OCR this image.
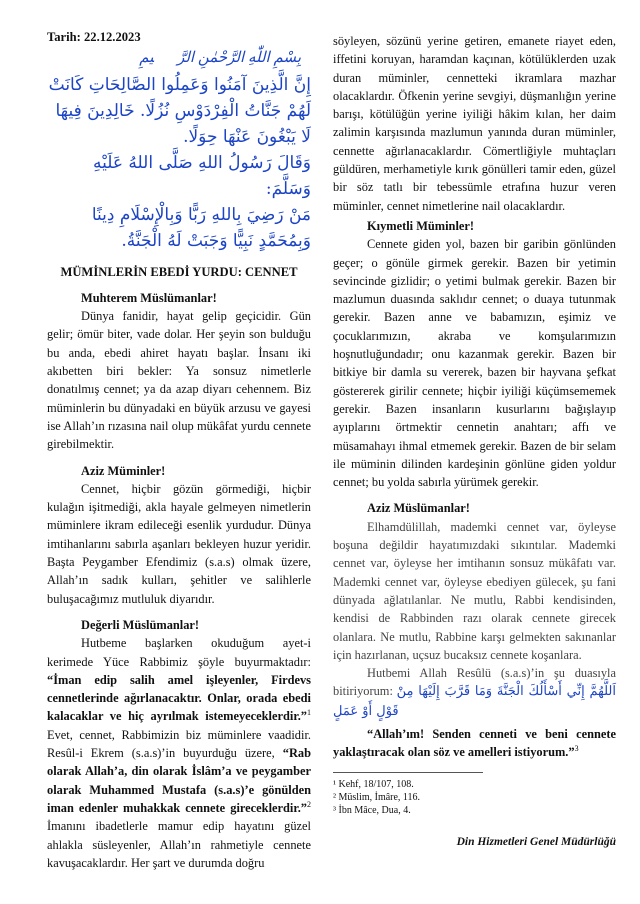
Tarih: 22.12.2023

بِسْمِ اللّٰهِ الرَّحْمٰنِ الرَّح۪يمِ

إِنَّ الَّذِينَ آمَنُوا وَعَمِلُوا الصَّالِحَاتِ كَانَتْ لَهُمْ جَنَّاتُ الْفِرْدَوْسِ نُزُلًا. خَالِدِينَ فِيهَا لَا يَبْغُونَ عَنْهَا حِوَلًا.

وَقَالَ رَسُولُ اللهِ صَلَّى اللهُ عَلَيْهِ وَسَلَّمَ:

مَنْ رَضِيَ بِاللهِ رَبًّا وَبِالْإِسْلَامِ دِينًا وَبِمُحَمَّدٍ نَبِيًّا وَجَبَتْ لَهُ الْجَنَّةُ.

MÜMİNLERİN EBEDİ YURDU: CENNET

Muhterem Müslümanlar!

Dünya fanidir, hayat gelip geçicidir. Gün gelir; ömür biter, vade dolar. Her şeyin son bulduğu bu anda, ebedi ahiret hayatı başlar. İnsanı iki akıbetten biri bekler: Ya sonsuz nimetlerle donatılmış cennet; ya da azap diyarı cehennem. Biz müminlerin bu dünyadaki en büyük arzusu ve gayesi ise Allah’ın rızasına nail olup mükâfat yurdu cennete girebilmektir.

Aziz Müminler!

Cennet, hiçbir gözün görmediği, hiçbir kulağın işitmediği, akla hayale gelmeyen nimetlerin müminlere ikram edileceği esenlik yurdudur. Dünya imtihanlarını sabırla aşanları bekleyen huzur yeridir. Başta Peygamber Efendimiz (s.a.s) olmak üzere, Allah’ın sadık kulları, şehitler ve salihlerle buluşacağımız mutluluk diyarıdır.

Değerli Müslümanlar!

Hutbeme başlarken okuduğum ayet-i kerimede Yüce Rabbimiz şöyle buyurmaktadır: “İman edip salih amel işleyenler, Firdevs cennetlerinde ağırlanacaktır. Onlar, orada ebedi kalacaklar ve hiç ayrılmak istemeyeceklerdir.”$^1$ Evet, cennet, Rabbimizin biz müminlere vaadidir. Resûl-i Ekrem (s.a.s)’in buyurduğu üzere, “Rab olarak Allah’a, din olarak İslâm’a ve peygamber olarak Muhammed Mustafa (s.a.s)’e gönülden iman edenler muhakkak cennete gireceklerdir.”$^2$ İmanını ibadetlerle mamur edip hayatını güzel ahlakla süsleyenler, Allah’ın rahmetiyle cennete kavuşacaklardır. Her şart ve durumda doğru

Kıymetli Müminler!

Cennete giden yol, bazen bir garibin gönlünden geçer; o gönüle girmek gerekir. Bazen bir yetimin sevincinde gizlidir; o yetimi bulmak gerekir. Bazen bir mazlumun duasında saklıdır cennet; o duaya tutunmak gerekir. Bazen anne ve babamızın, eşimiz ve çocuklarımızın, akraba ve komşularımızın hoşnutluğundadır; onu kazanmak gerekir. Bazen bir bitkiye bir damla su vererek, bazen bir hayvana şefkat göstererek girilir cennete; hiçbir iyiliği küçümsememek gerekir. Bazen insanların kusurlarını bağışlayıp ayıplarını örtmektir cennetin anahtarı; affı ve müsamahayı ihmal etmemek gerekir. Bazen de bir selam ile müminin dilinden kardeşinin gönlüne giden yoldur cennet; bu yolda sabırla yürümek gerekir.

Aziz Müslümanlar!

Elhamdülillah, mademki cennet var, öyleyse boşuna değildir hayatımızdaki sıkıntılar. Mademki cennet var, öyleyse her imtihanın sonsuz mükâfatı var. Mademki cennet var, öyleyse ebediyen gülecek, şu fani dünyada ağlatılanlar. Ne mutlu, Rabbi kendisinden, kendisi de Rabbinden razı olarak cennete girecek olanlara. Ne mutlu, Rabbine karşı gelmekten sakınanlar için hazırlanan, uçsuz bucaksız cennete koşanlara.

Hutbemi Allah Resûlü (s.a.s)’in şu duasıyla bitiriyorum: اَللَّهُمَّ إِنِّي أَسْأَلُكَ الْجَنَّةَ وَمَا قَرَّبَ إِلَيْهَا مِنْ قَوْلٍ أَوْ عَمَلٍ

“Allah’ım! Senden cenneti ve beni cennete yaklaştıracak olan söz ve amelleri istiyorum.”$^3$

¹ Kehf, 18/107, 108.

² Müslim, İmâre, 116.

³ İbn Mâce, Dua, 4.

Din Hizmetleri Genel Müdürlüğü

söyleyen, sözünü yerine getiren, emanete riayet eden, iffetini koruyan, haramdan kaçınan, kötülüklerden uzak duran müminler, cennetteki ikramlara mazhar olacaklardır. Öfkenin yerine sevgiyi, düşmanlığın yerine barışı, kötülüğün yerine iyiliği hâkim kılan, her daim zalimin karşısında mazlumun yanında duran müminler, cennette ağırlanacaklardır. Cömertliğiyle muhtaçları güldüren, merhametiyle kırık gönülleri tamir eden, güzel bir söz tatlı bir tebessümle etrafına huzur veren müminler, cennet nimetlerine nail olacaklardır.
